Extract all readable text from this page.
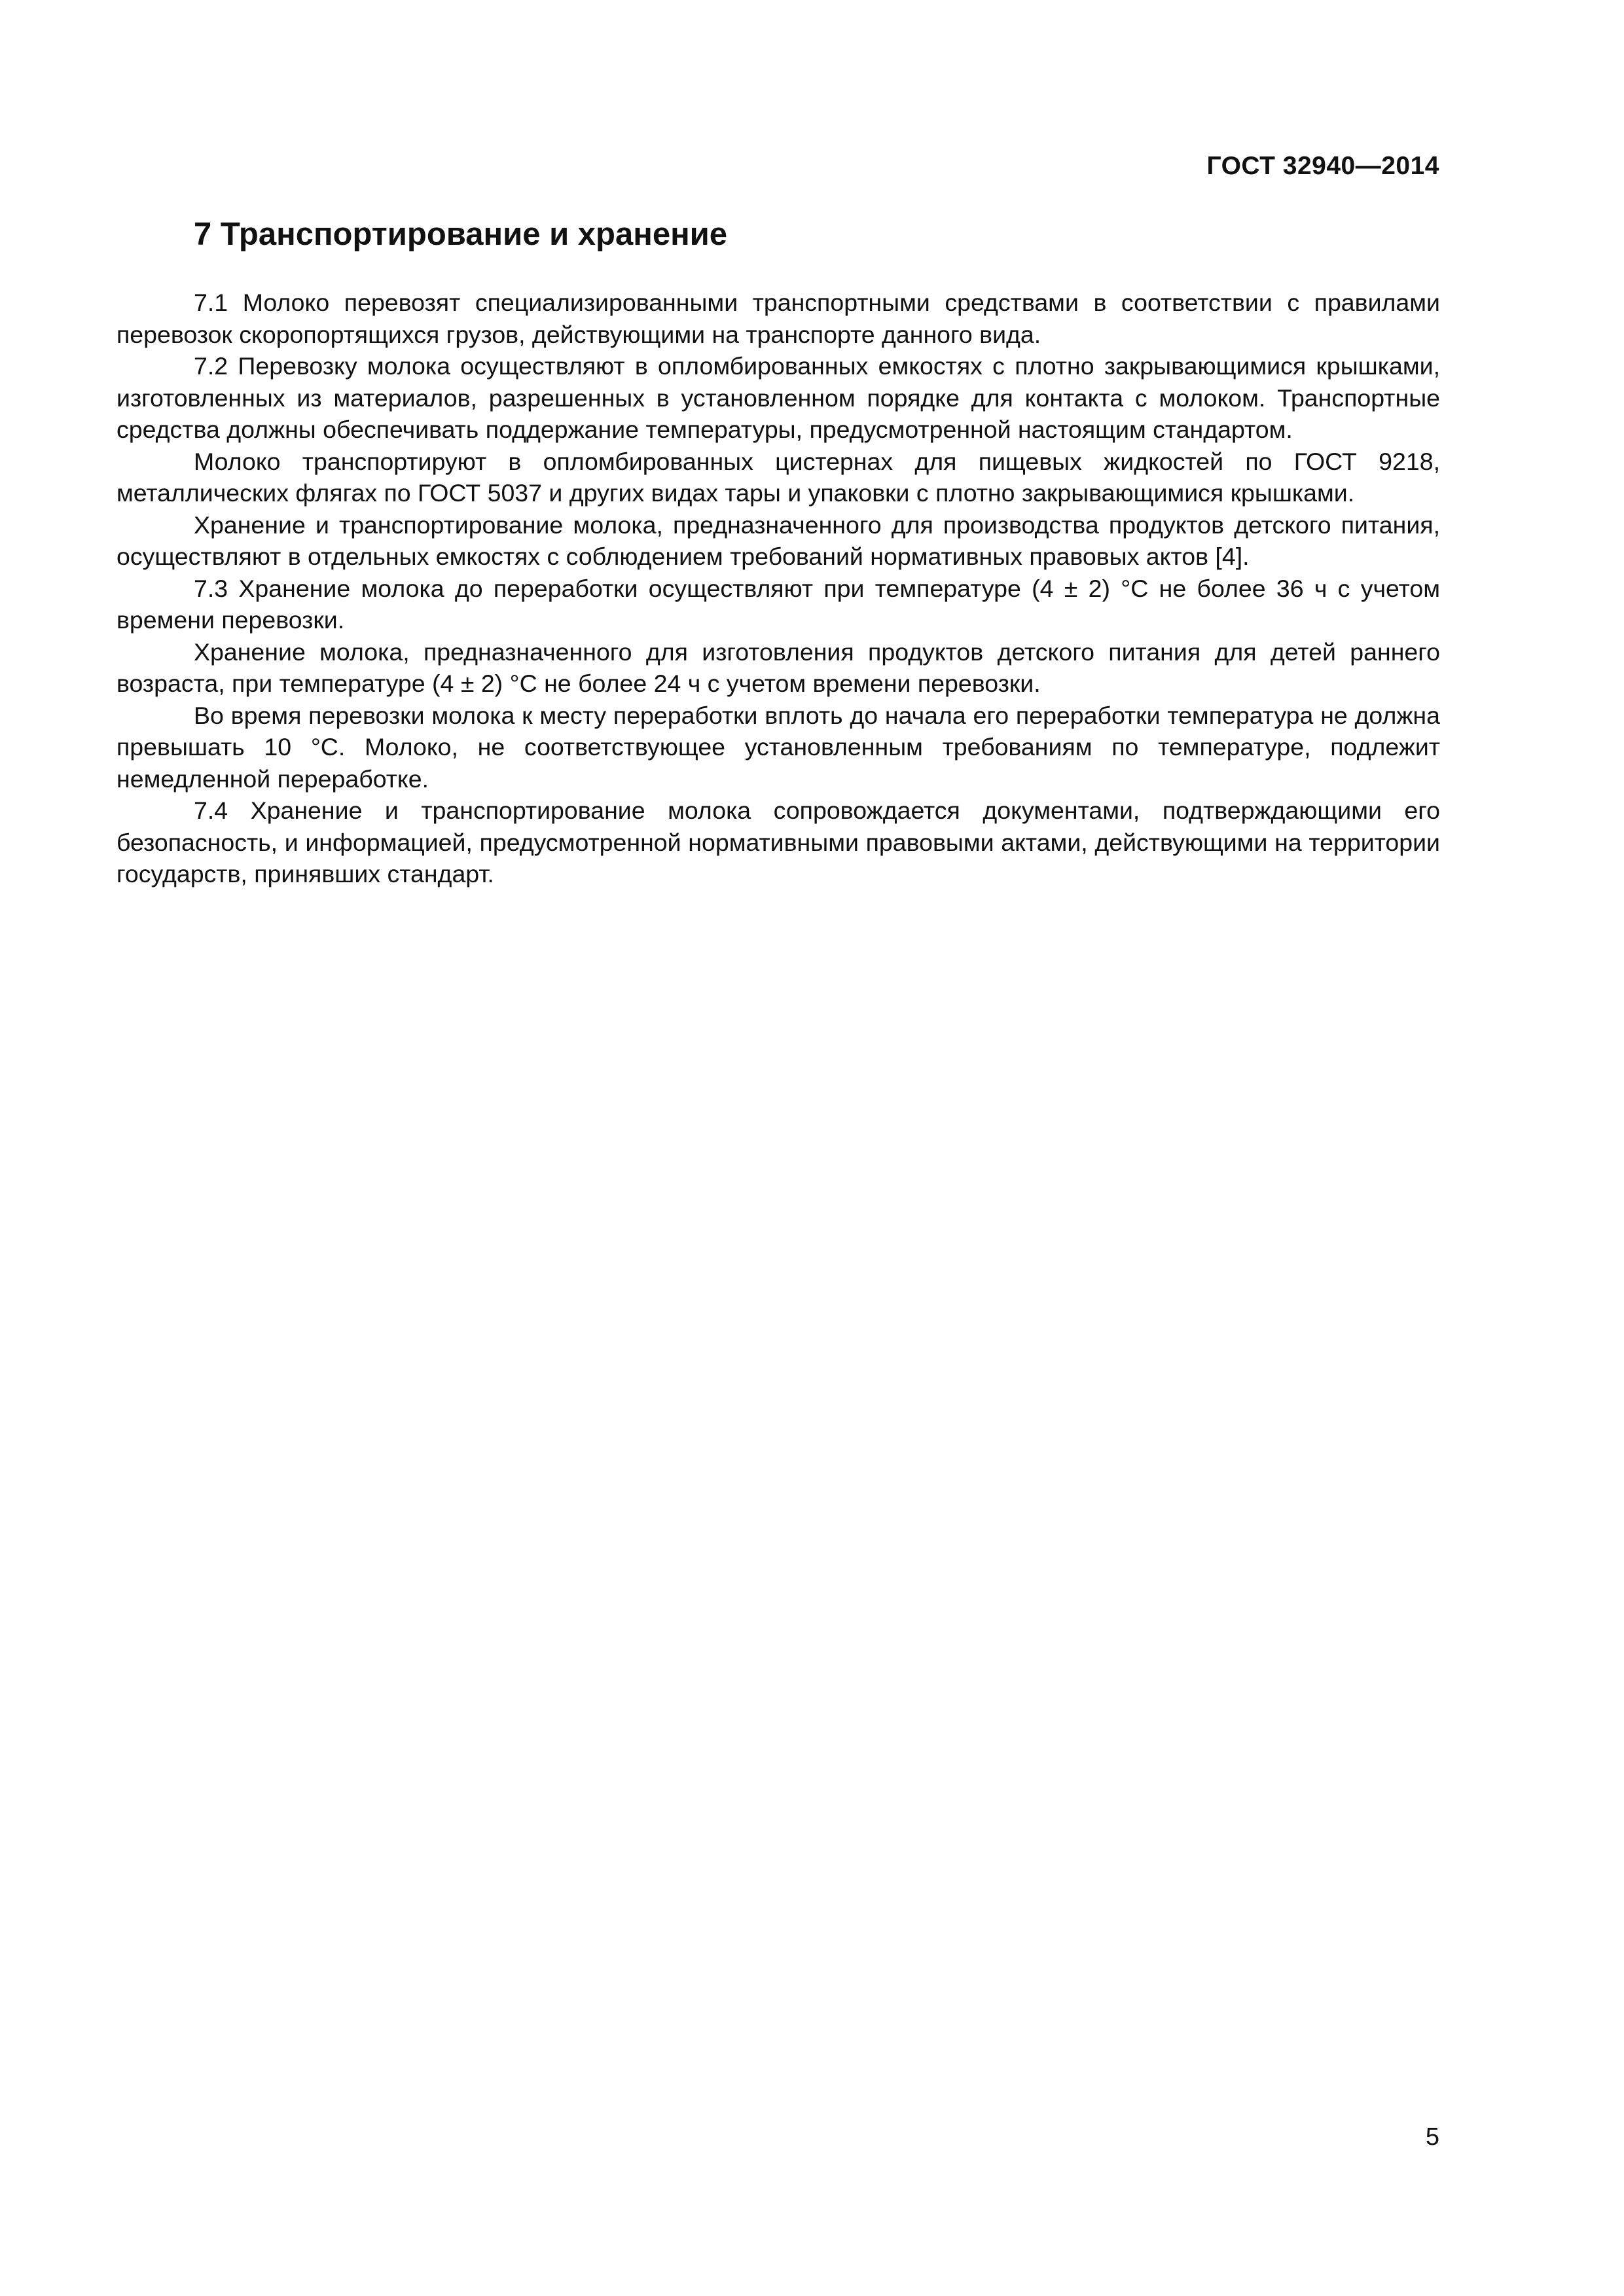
ГОСТ 32940—2014
7 Транспортирование и хранение

7.1 Молоко перевозят специализированными транспортными средствами в соответствии с правилами перевозок скоропортящихся грузов, действующими на транспорте данного вида.

7.2 Перевозку молока осуществляют в опломбированных емкостях с плотно закрывающимися крышками, изготовленных из материалов, разрешенных в установленном порядке для контакта с молоком. Транспортные средства должны обеспечивать поддержание температуры, предусмотренной настоящим стандартом.

Молоко транспортируют в опломбированных цистернах для пищевых жидкостей по ГОСТ 9218, металлических флягах по ГОСТ 5037 и других видах тары и упаковки с плотно закрывающимися крышками.

Хранение и транспортирование молока, предназначенного для производства продуктов детского питания, осуществляют в отдельных емкостях с соблюдением требований нормативных правовых актов [4].

7.3 Хранение молока до переработки осуществляют при температуре (4 ± 2) °С не более 36 ч с учетом времени перевозки.

Хранение молока, предназначенного для изготовления продуктов детского питания для детей раннего возраста, при температуре (4 ± 2) °С не более 24 ч с учетом времени перевозки.

Во время перевозки молока к месту переработки вплоть до начала его переработки температура не должна превышать 10 °С. Молоко, не соответствующее установленным требованиям по температуре, подлежит немедленной переработке.

7.4 Хранение и транспортирование молока сопровождается документами, подтверждающими его безопасность, и информацией, предусмотренной нормативными правовыми актами, действующими на территории государств, принявших стандарт.

5
